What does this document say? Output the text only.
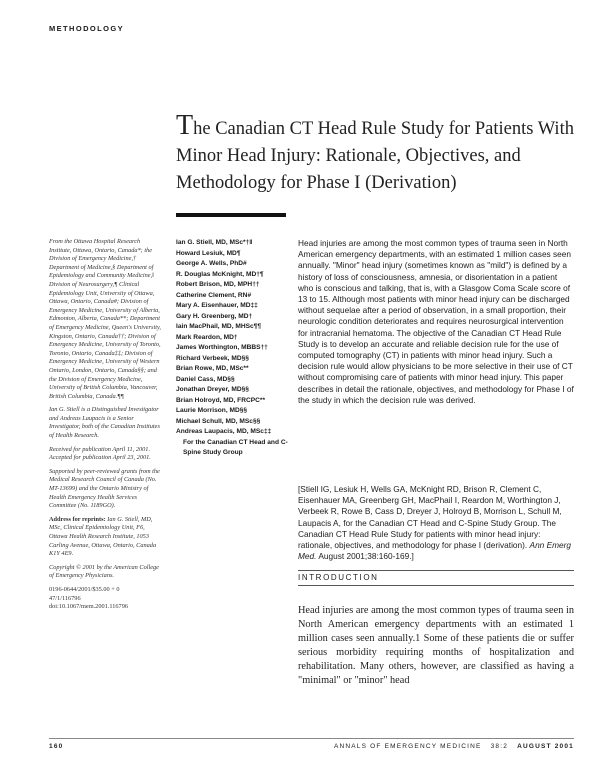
METHODOLOGY
The Canadian CT Head Rule Study for Patients With Minor Head Injury: Rationale, Objectives, and Methodology for Phase I (Derivation)

From the Ottawa Hospital Research Institute, Ottawa, Ontario, Canada*; the Division of Emergency Medicine,† Department of Medicine,§ Department of Epidemiology and Community Medicine,‖ Division of Neurosurgery,¶ Clinical Epidemiology Unit, University of Ottawa, Ottawa, Ontario, Canada#; Division of Emergency Medicine, University of Alberta, Edmonton, Alberta, Canada**; Department of Emergency Medicine, Queen's University, Kingston, Ontario, Canada††; Division of Emergency Medicine, University of Toronto, Toronto, Ontario, Canada‡‡; Division of Emergency Medicine, University of Western Ontario, London, Ontario, Canada§§; and the Division of Emergency Medicine, University of British Columbia, Vancouver, British Columbia, Canada.¶¶

Ian G. Stiell is a Distinguished Investigator and Andreas Laupacis is a Senior Investigator, both of the Canadian Institutes of Health Research.

Received for publication April 11, 2001. Accepted for publication April 23, 2001.

Supported by peer-reviewed grants from the Medical Research Council of Canada (No. MT-13699) and the Ontario Ministry of Health Emergency Health Services Committee (No. 1189GO).

Address for reprints: Ian G. Stiell, MD, MSc, Clinical Epidemiology Unit, F6, Ottawa Health Research Institute, 1053 Carling Avenue, Ottawa, Ontario, Canada K1Y 4E9.

Copyright © 2001 by the American College of Emergency Physicians.

0196-0644/2001/$35.00 + 0
47/1/116796
doi:10.1067/mem.2001.116796

Ian G. Stiell, MD, MSc*†‖
Howard Lesiuk, MD¶
George A. Wells, PhD#
R. Douglas McKnight, MD†¶
Robert Brison, MD, MPH††
Catherine Clement, RN#
Mary A. Eisenhauer, MD‡‡
Gary H. Greenberg, MD†
Iain MacPhail, MD, MHSc¶¶
Mark Reardon, MD†
James Worthington, MBBS††
Richard Verbeek, MD§§
Brian Rowe, MD, MSc**
Daniel Cass, MD§§
Jonathan Dreyer, MD§§
Brian Holroyd, MD, FRCPC**
Laurie Morrison, MD§§
Michael Schull, MD, MSc§§
Andreas Laupacis, MD, MSc‡‡
For the Canadian CT Head and C-Spine Study Group
Head injuries are among the most common types of trauma seen in North American emergency departments, with an estimated 1 million cases seen annually. "Minor" head injury (sometimes known as "mild") is defined by a history of loss of consciousness, amnesia, or disorientation in a patient who is conscious and talking, that is, with a Glasgow Coma Scale score of 13 to 15. Although most patients with minor head injury can be discharged without sequelae after a period of observation, in a small proportion, their neurologic condition deteriorates and requires neurosurgical intervention for intracranial hematoma. The objective of the Canadian CT Head Rule Study is to develop an accurate and reliable decision rule for the use of computed tomography (CT) in patients with minor head injury. Such a decision rule would allow physicians to be more selective in their use of CT without compromising care of patients with minor head injury. This paper describes in detail the rationale, objectives, and methodology for Phase I of the study in which the decision rule was derived.
[Stiell IG, Lesiuk H, Wells GA, McKnight RD, Brison R, Clement C, Eisenhauer MA, Greenberg GH, MacPhail I, Reardon M, Worthington J, Verbeek R, Rowe B, Cass D, Dreyer J, Holroyd B, Morrison L, Schull M, Laupacis A, for the Canadian CT Head and C-Spine Study Group. The Canadian CT Head Rule Study for patients with minor head injury: rationale, objectives, and methodology for phase I (derivation). Ann Emerg Med. August 2001;38:160-169.]
INTRODUCTION
Head injuries are among the most common types of trauma seen in North American emergency departments with an estimated 1 million cases seen annually.1 Some of these patients die or suffer serious morbidity requiring months of hospitalization and rehabilitation. Many others, however, are classified as having a "minimal" or "minor" head
160	ANNALS OF EMERGENCY MEDICINE 38:2 AUGUST 2001
